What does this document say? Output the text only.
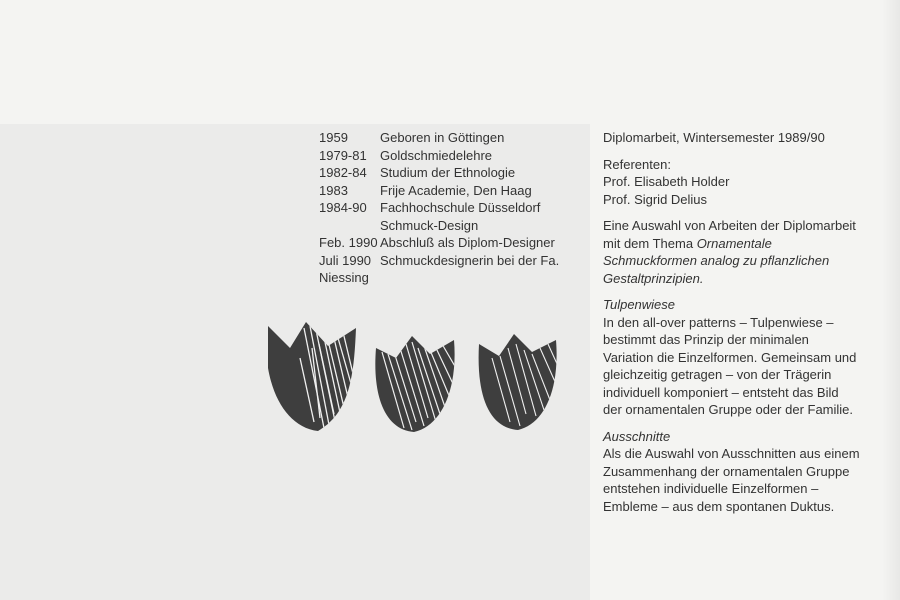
1959	Geboren in Göttingen
1979-81	Goldschmiedelehre
1982-84	Studium der Ethnologie
1983	Frije Academie, Den Haag
1984-90	Fachhochschule Düsseldorf
Schmuck-Design
Feb. 1990 Abschluß als Diplom-Designer
Juli 1990 Schmuckdesignerin bei der Fa.
Niessing

Diplomarbeit, Wintersemester 1989/90

Referenten:
Prof. Elisabeth Holder
Prof. Sigrid Delius

Eine Auswahl von Arbeiten der Diplomarbeit
mit dem Thema Ornamentale
Schmuckformen analog zu pflanzlichen
Gestaltprinzipien.

Tulpenwiese
In den all-over patterns – Tulpenwiese –
bestimmt das Prinzip der minimalen
Variation die Einzelformen. Gemeinsam und
gleichzeitig getragen – von der Trägerin
individuell komponiert – entsteht das Bild
der ornamentalen Gruppe oder der Familie.

Ausschnitte
Als die Auswahl von Ausschnitten aus einem
Zusammenhang der ornamentalen Gruppe
entstehen individuelle Einzelformen –
Embleme – aus dem spontanen Duktus.
